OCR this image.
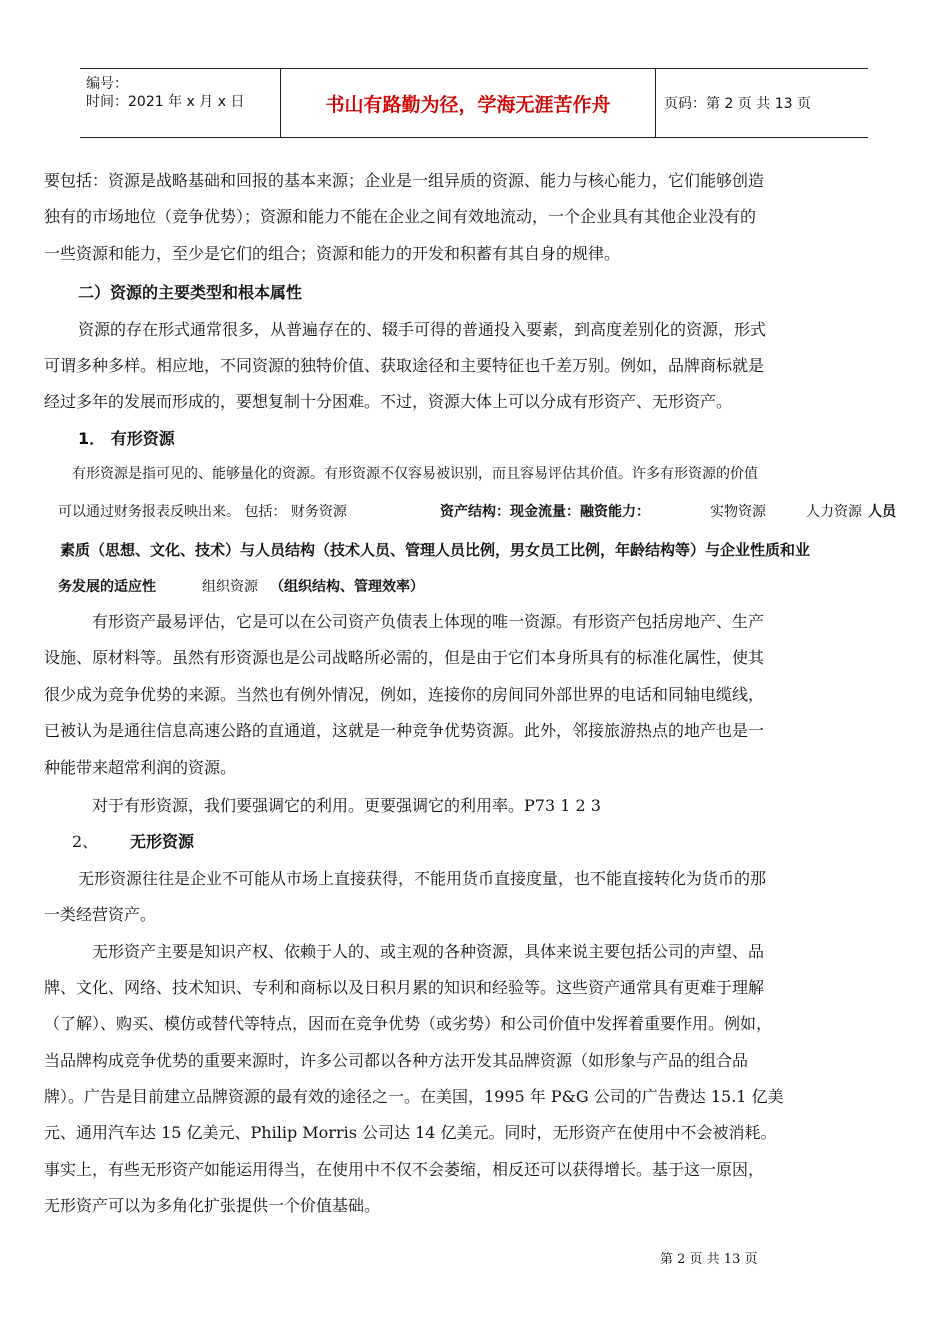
编号：
时间：2021 年 x 月 x 日	书山有路勤为径，学海无涯苦作舟	页码：第 2 页 共 13 页
要包括：资源是战略基础和回报的基本来源；企业是一组异质的资源、能力与核心能力，它们能够创造
独有的市场地位（竞争优势）；资源和能力不能在企业之间有效地流动，一个企业具有其他企业没有的
一些资源和能力，至少是它们的组合；资源和能力的开发和积蓄有其自身的规律。
二）资源的主要类型和根本属性
资源的存在形式通常很多，从普遍存在的、辍手可得的普通投入要素，到高度差别化的资源，形式
可谓多种多样。相应地，不同资源的独特价值、获取途径和主要特征也千差万别。例如，品牌商标就是
经过多年的发展而形成的，要想复制十分困难。不过，资源大体上可以分成有形资产、无形资产。
1． 有形资源
有形资源是指可见的、能够量化的资源。有形资源不仅容易被识别，而且容易评估其价值。许多有形资源的价值
可以通过财务报表反映出来。 包括： 财务资源	资产结构：现金流量：融资能力：	实物资源	人力资源 人员
素质（思想、文化、技术）与人员结构（技术人员、管理人员比例，男女员工比例，年龄结构等）与企业性质和业
务发展的适应性	组织资源 （组织结构、管理效率）
有形资产最易评估，它是可以在公司资产负债表上体现的唯一资源。有形资产包括房地产、生产
设施、原材料等。虽然有形资源也是公司战略所必需的，但是由于它们本身所具有的标准化属性，使其
很少成为竞争优势的来源。当然也有例外情况，例如，连接你的房间同外部世界的电话和同轴电缆线，
已被认为是通往信息高速公路的直通道，这就是一种竞争优势资源。此外，邻接旅游热点的地产也是一
种能带来超常利润的资源。
对于有形资源，我们要强调它的利用。更要强调它的利用率。P73 1 2 3
2、 无形资源
无形资源往往是企业不可能从市场上直接获得，不能用货币直接度量，也不能直接转化为货币的那
一类经营资产。
无形资产主要是知识产权、依赖于人的、或主观的各种资源，具体来说主要包括公司的声望、品
牌、文化、网络、技术知识、专利和商标以及日积月累的知识和经验等。这些资产通常具有更难于理解
（了解）、购买、模仿或替代等特点，因而在竞争优势（或劣势）和公司价值中发挥着重要作用。例如，
当品牌构成竞争优势的重要来源时，许多公司都以各种方法开发其品牌资源（如形象与产品的组合品
牌）。广告是目前建立品牌资源的最有效的途径之一。在美国，1995 年 P&G 公司的广告费达 15.1 亿美
元、通用汽车达 15 亿美元、Philip Morris 公司达 14 亿美元。同时，无形资产在使用中不会被消耗。
事实上，有些无形资产如能运用得当，在使用中不仅不会萎缩，相反还可以获得增长。基于这一原因，
无形资产可以为多角化扩张提供一个价值基础。
第 2 页 共 13 页
